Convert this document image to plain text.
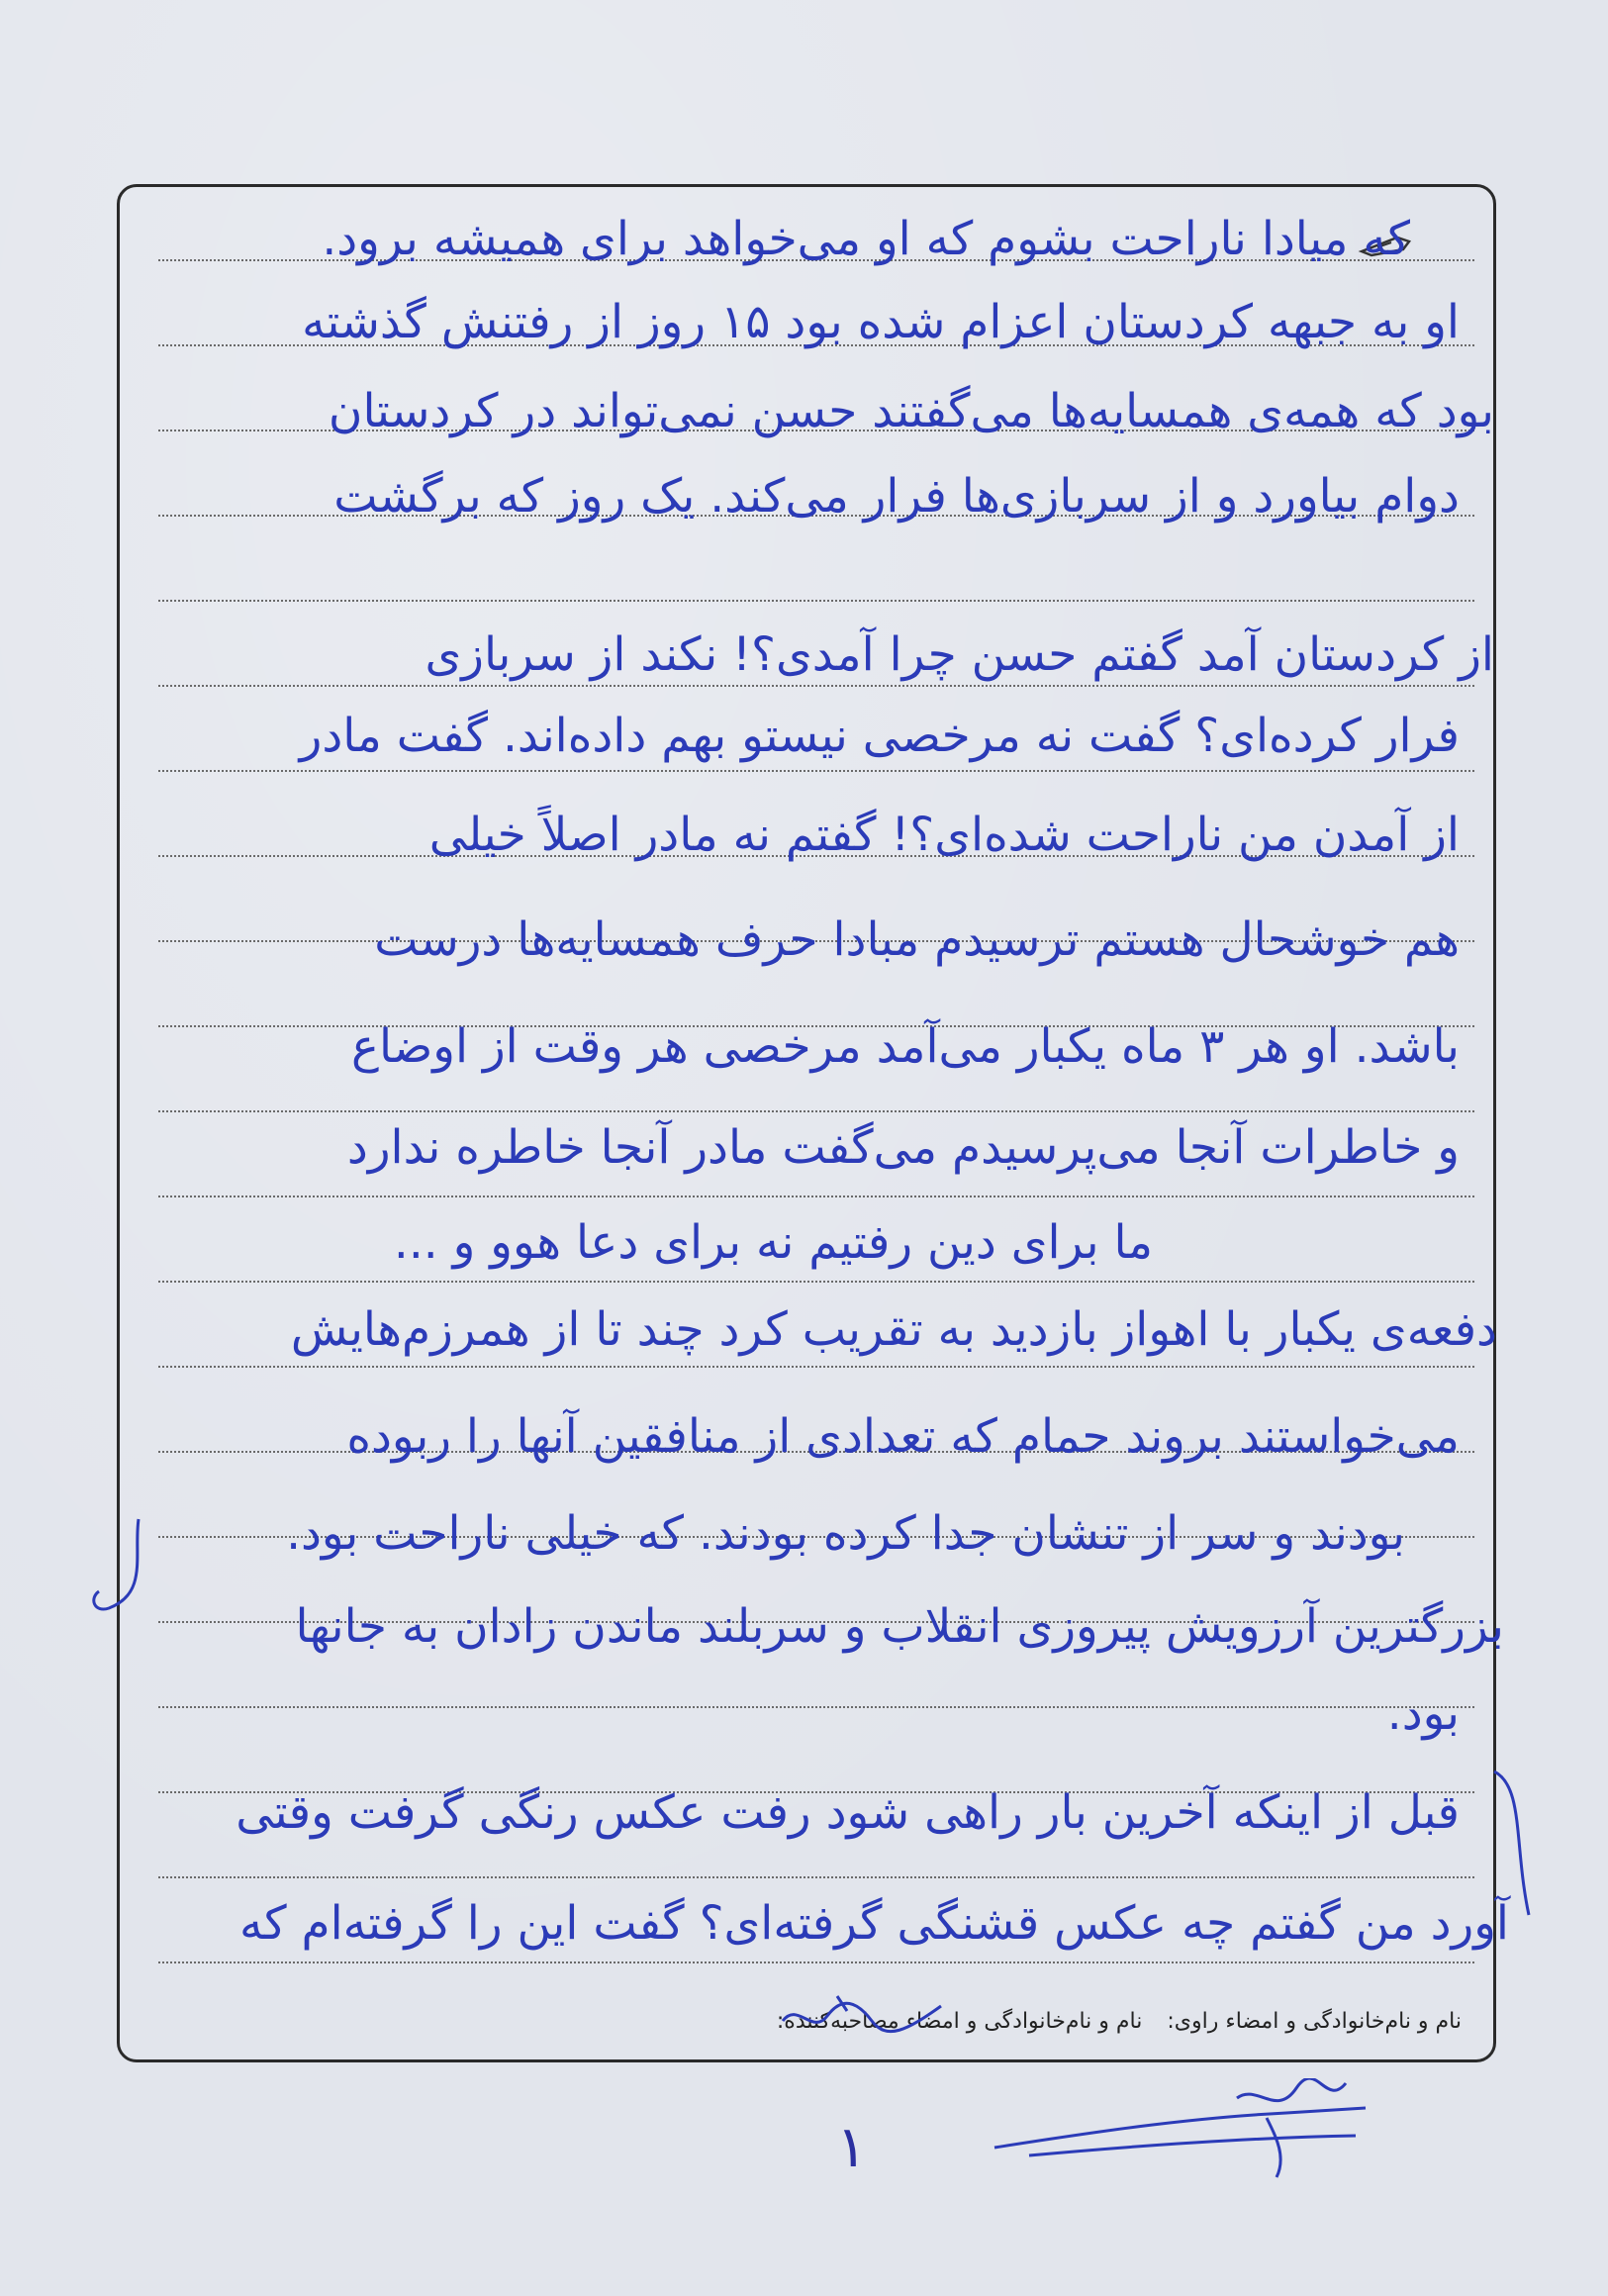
که میادا ناراحت بشوم که او می‌خواهد برای همیشه برود.
او به جبهه کردستان اعزام شده بود ۱۵ روز از رفتنش گذشته
بود که همه‌ی همسایه‌ها می‌گفتند حسن نمی‌تواند در کردستان
دوام بیاورد و از سربازی‌ها فرار می‌کند. یک روز که برگشت
از کردستان آمد گفتم حسن چرا آمدی؟! نکند از سربازی
فرار کرده‌ای؟ گفت نه مرخصی نیستو بهم داده‌اند. گفت مادر
از آمدن من ناراحت شده‌ای؟! گفتم نه مادر اصلاً خیلی
هم خوشحال هستم ترسیدم مبادا حرف همسایه‌ها درست
باشد. او هر ۳ ماه یکبار می‌آمد مرخصی هر وقت از اوضاع
و خاطرات آنجا می‌پرسیدم می‌گفت مادر آنجا خاطره ندارد
ما برای دین رفتیم نه برای دعا هوو و ...
دفعه‌ی یکبار با اهواز بازدید به تقریب کرد چند تا از همرزم‌هایش
می‌خواستند بروند حمام که تعدادی از منافقین آنها را ربوده
بودند و سر از تنشان جدا کرده بودند. که خیلی ناراحت بود.
بزرگترین آرزویش پیروزی انقلاب و سربلند ماندن زادان به جانها
بود.
قبل از اینکه آخرین بار راهی شود رفت عکس رنگی گرفت وقتی
آورد من گفتم چه عکس قشنگی گرفته‌ای؟ گفت این را گرفته‌ام که
نام و نام‌خانوادگی و امضاء راوی: نام و نام‌خانوادگی و امضاء مصاحبه‌کننده:
۱
